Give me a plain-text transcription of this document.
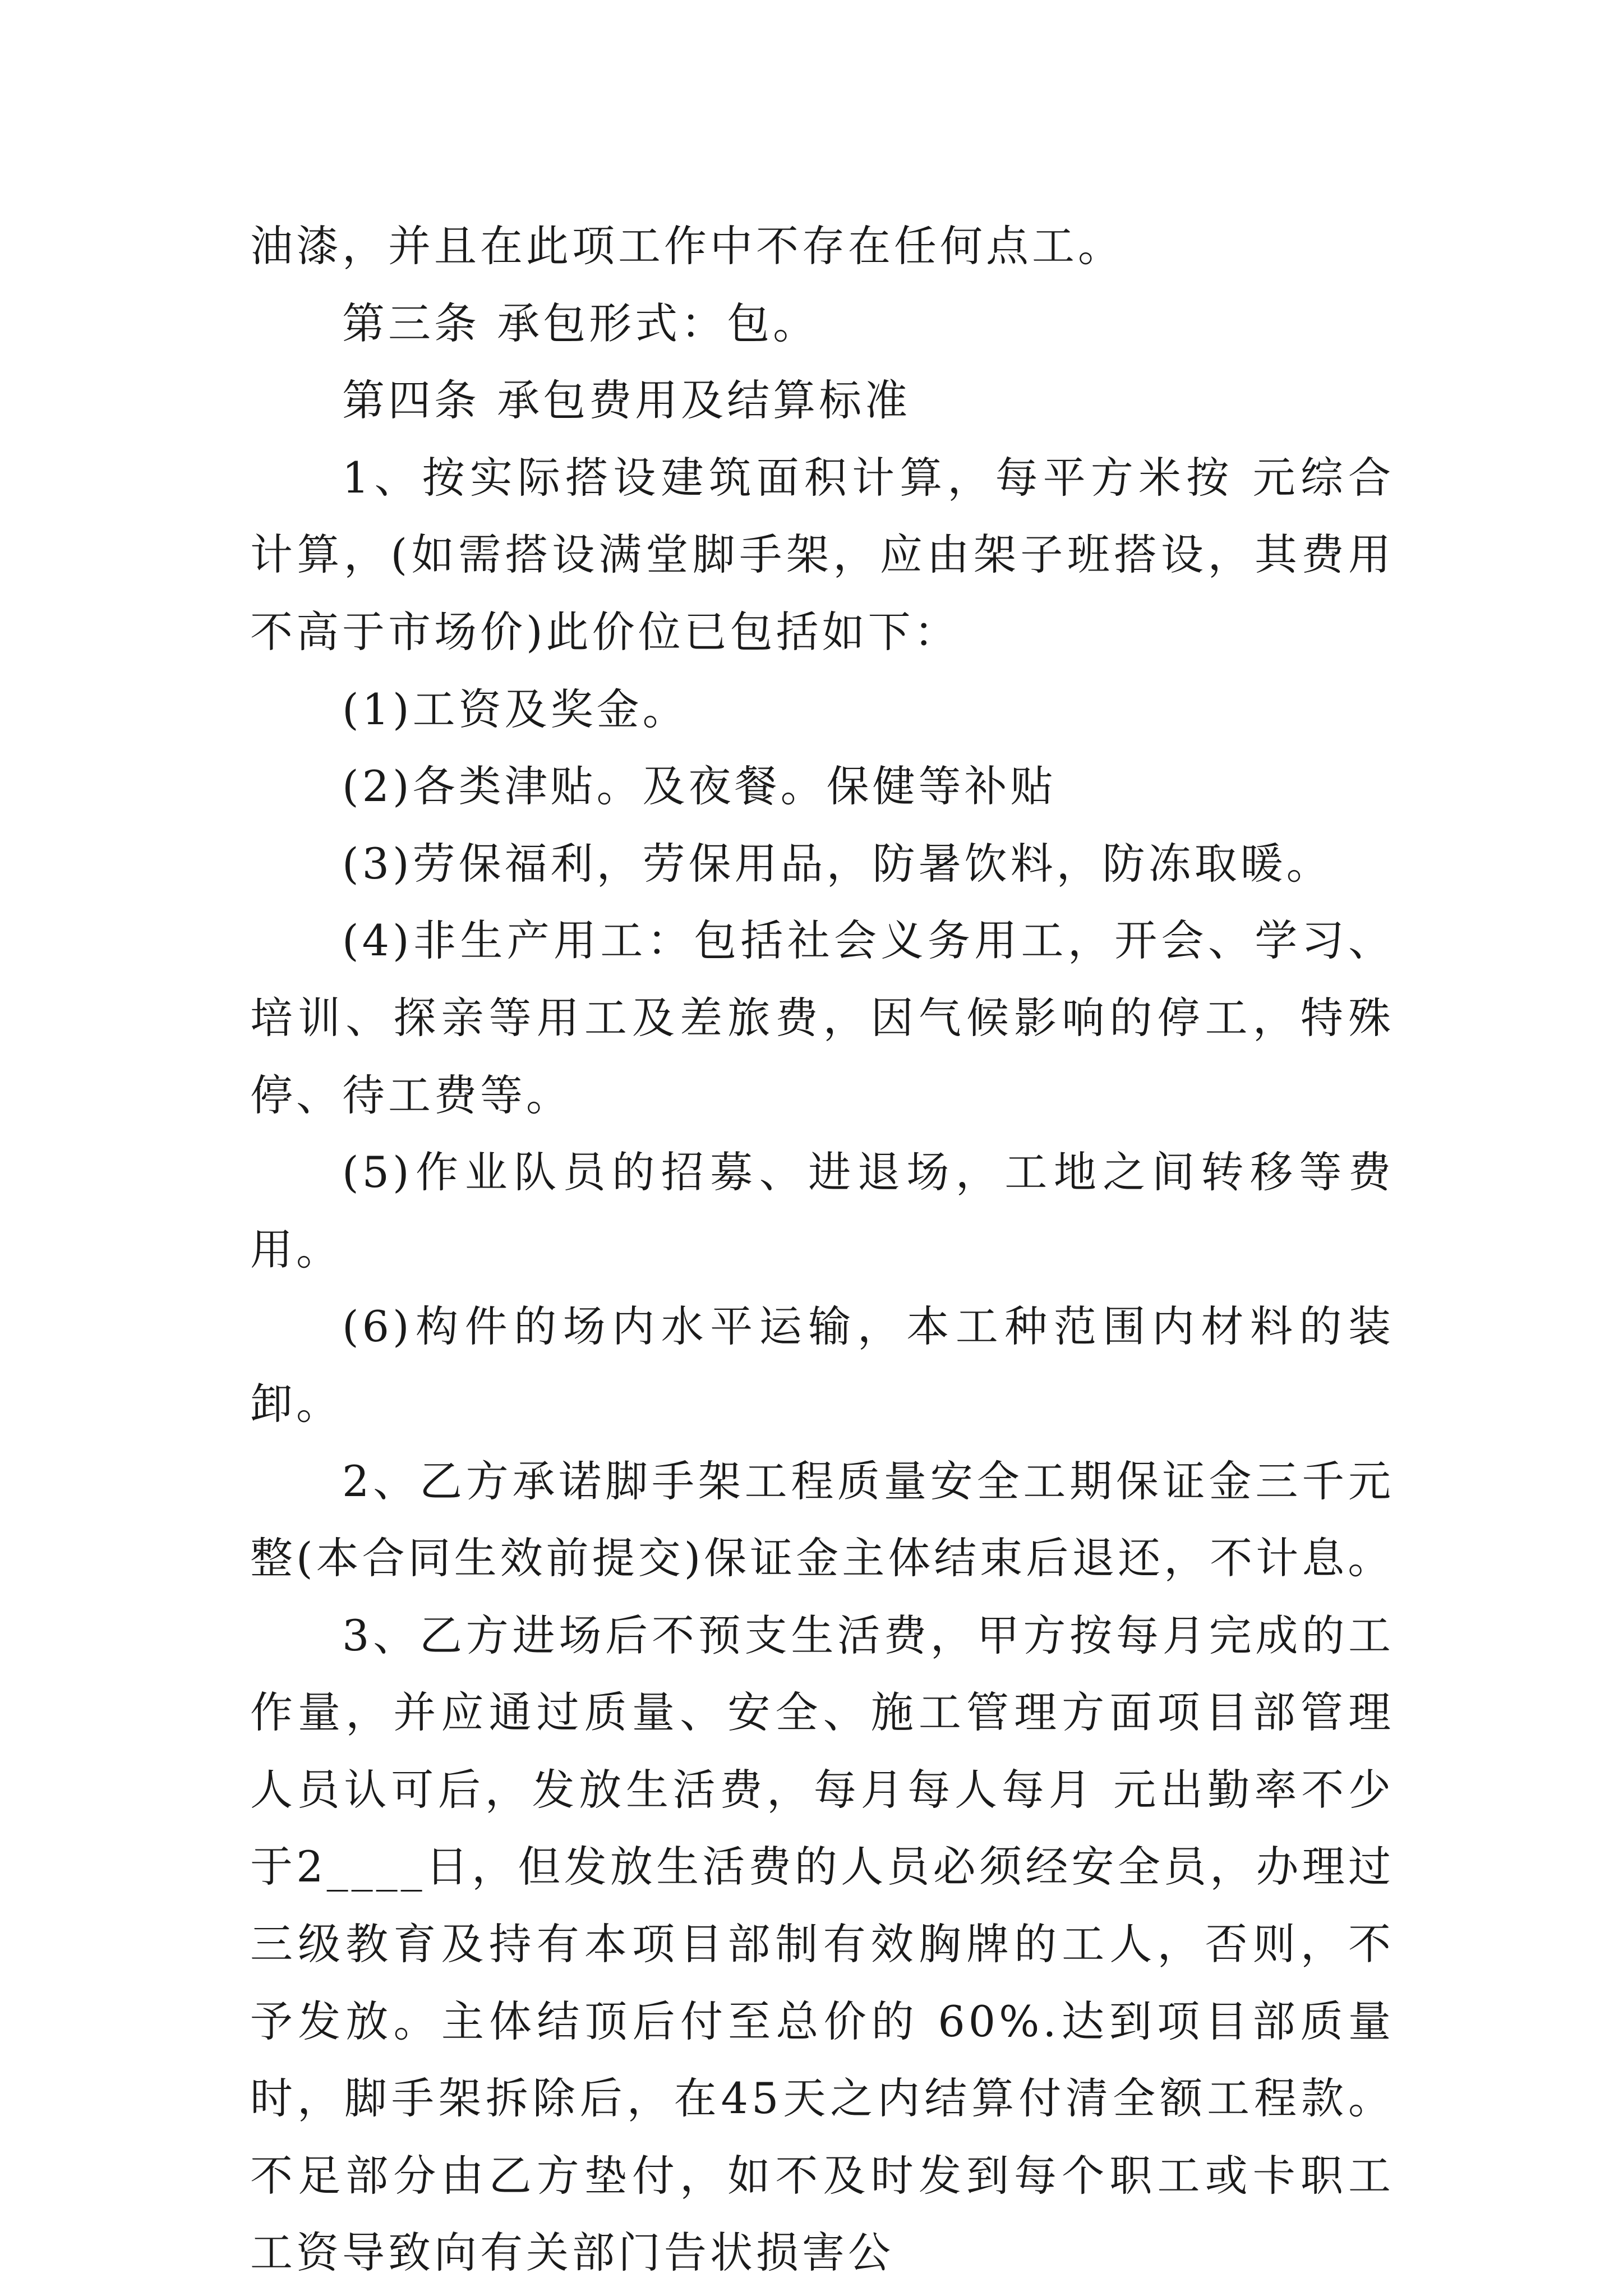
油漆，并且在此项工作中不存在任何点工。

第三条 承包形式：包。

第四条 承包费用及结算标准

1、按实际搭设建筑面积计算，每平方米按 元综合计算，(如需搭设满堂脚手架，应由架子班搭设，其费用不高于市场价)此价位已包括如下：

(1)工资及奖金。

(2)各类津贴。及夜餐。保健等补贴

(3)劳保福利，劳保用品，防暑饮料，防冻取暖。

(4)非生产用工：包括社会义务用工，开会、学习、培训、探亲等用工及差旅费，因气候影响的停工，特殊停、待工费等。

(5)作业队员的招募、进退场，工地之间转移等费用。

(6)构件的场内水平运输，本工种范围内材料的装卸。

2、乙方承诺脚手架工程质量安全工期保证金三千元整(本合同生效前提交)保证金主体结束后退还，不计息。

3、乙方进场后不预支生活费，甲方按每月完成的工作量，并应通过质量、安全、施工管理方面项目部管理人员认可后，发放生活费，每月每人每月 元出勤率不少于2____日，但发放生活费的人员必须经安全员，办理过三级教育及持有本项目部制有效胸牌的工人，否则，不予发放。主体结顶后付至总价的 60%.达到项目部质量时，脚手架拆除后，在45天之内结算付清全额工程款。不足部分由乙方垫付，如不及时发到每个职工或卡职工工资导致向有关部门告状损害公
